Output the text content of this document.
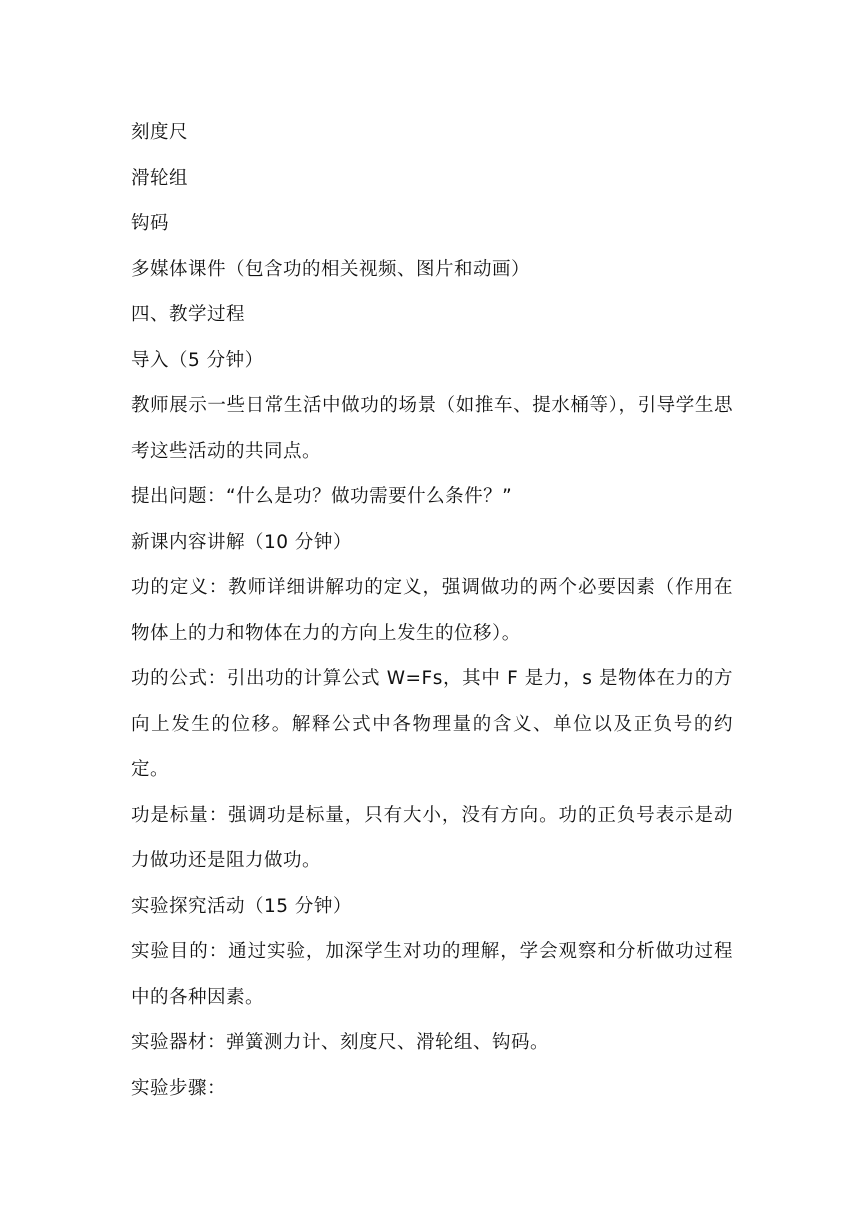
刻度尺

滑轮组

钩码

多媒体课件（包含功的相关视频、图片和动画）

四、教学过程

导入（5 分钟）

教师展示一些日常生活中做功的场景（如推车、提水桶等），引导学生思考这些活动的共同点。

提出问题：“什么是功？做功需要什么条件？”

新课内容讲解（10 分钟）

功的定义：教师详细讲解功的定义，强调做功的两个必要因素（作用在物体上的力和物体在力的方向上发生的位移）。

功的公式：引出功的计算公式 W=Fs，其中 F 是力，s 是物体在力的方向上发生的位移。解释公式中各物理量的含义、单位以及正负号的约定。

功是标量：强调功是标量，只有大小，没有方向。功的正负号表示是动力做功还是阻力做功。

实验探究活动（15 分钟）

实验目的：通过实验，加深学生对功的理解，学会观察和分析做功过程中的各种因素。

实验器材：弹簧测力计、刻度尺、滑轮组、钩码。

实验步骤：
